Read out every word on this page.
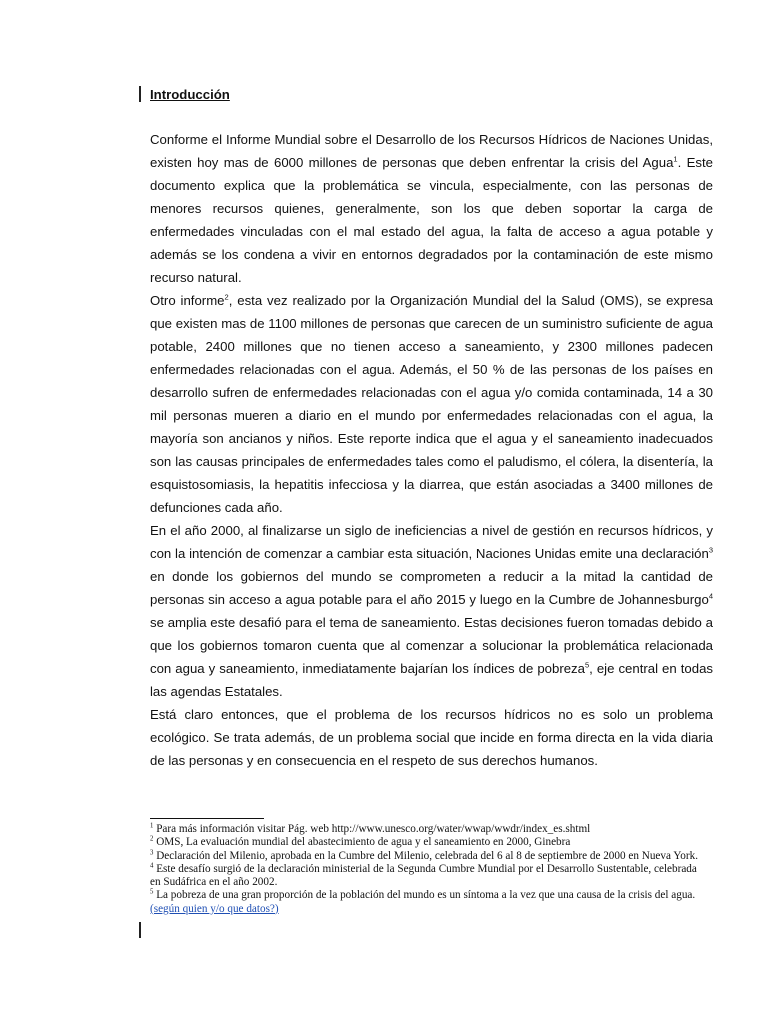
Introducción

Conforme el Informe Mundial sobre el Desarrollo de los Recursos Hídricos de Naciones Unidas, existen hoy mas de 6000 millones de personas que deben enfrentar la crisis del Agua$^1$. Este documento explica que la problemática se vincula, especialmente, con las personas de menores recursos quienes, generalmente, son los que deben soportar la carga de enfermedades vinculadas con el mal estado del agua, la falta de acceso a agua potable y además se los condena a vivir en entornos degradados por la contaminación de este mismo recurso natural.

Otro informe$^2$, esta vez realizado por la Organización Mundial del la Salud (OMS), se expresa que existen mas de 1100 millones de personas que carecen de un suministro suficiente de agua potable, 2400 millones que no tienen acceso a saneamiento, y 2300 millones padecen enfermedades relacionadas con el agua. Además, el 50 % de las personas de los países en desarrollo sufren de enfermedades relacionadas con el agua y/o comida contaminada, 14 a 30 mil personas mueren a diario en el mundo por enfermedades relacionadas con el agua, la mayoría son ancianos y niños. Este reporte indica que el agua y el saneamiento inadecuados son las causas principales de enfermedades tales como el paludismo, el cólera, la disentería, la esquistosomiasis, la hepatitis infecciosa y la diarrea, que están asociadas a 3400 millones de defunciones cada año.

En el año 2000, al finalizarse un siglo de ineficiencias a nivel de gestión en recursos hídricos, y con la intención de comenzar a cambiar esta situación, Naciones Unidas emite una declaración$^3$ en donde los gobiernos del mundo se comprometen a reducir a la mitad la cantidad de personas sin acceso a agua potable para el año 2015 y luego en la Cumbre de Johannesburgo$^4$ se amplia este desafió para el tema de saneamiento. Estas decisiones fueron tomadas debido a que los gobiernos tomaron cuenta que al comenzar a solucionar la problemática relacionada con agua y saneamiento, inmediatamente bajarían los índices de pobreza$^5$, eje central en todas las agendas Estatales.

Está claro entonces, que el problema de los recursos hídricos no es solo un problema ecológico. Se trata además, de un problema social que incide en forma directa en la vida diaria de las personas y en consecuencia en el respeto de sus derechos humanos.

$^1$ Para más información visitar Pág. web http://www.unesco.org/water/wwap/wwdr/index_es.shtml

$^2$ OMS, La evaluación mundial del abastecimiento de agua y el saneamiento en 2000, Ginebra

$^3$ Declaración del Milenio, aprobada en la Cumbre del Milenio, celebrada del 6 al 8 de septiembre de 2000 en Nueva York.

$^4$ Este desafío surgió de la declaración ministerial de la Segunda Cumbre Mundial por el Desarrollo Sustentable, celebrada en Sudáfrica en el año 2002.

$^5$ La pobreza de una gran proporción de la población del mundo es un síntoma a la vez que una causa de la crisis del agua. (según quien y/o que datos?)
